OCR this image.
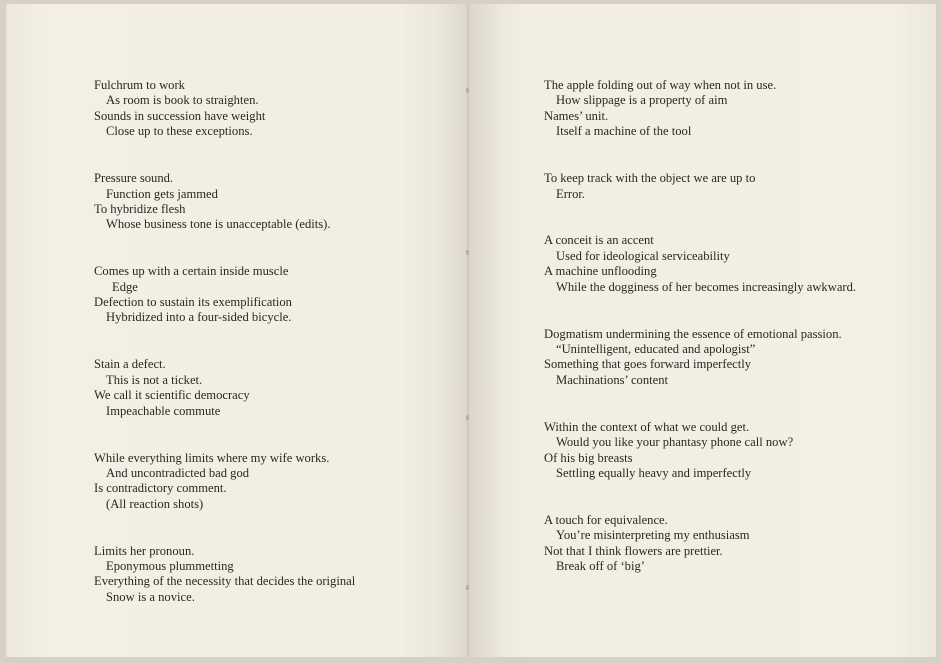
Fulchrum to work
As room is book to straighten.
Sounds in succession have weight
Close up to these exceptions.
Pressure sound.
Function gets jammed
To hybridize flesh
Whose business tone is unacceptable (edits).
Comes up with a certain inside muscle
Edge
Defection to sustain its exemplification
Hybridized into a four-sided bicycle.
Stain a defect.
This is not a ticket.
We call it scientific democracy
Impeachable commute
While everything limits where my wife works.
And uncontradicted bad god
Is contradictory comment.
(All reaction shots)
Limits her pronoun.
Eponymous plummetting
Everything of the necessity that decides the original
Snow is a novice.
The apple folding out of way when not in use.
How slippage is a property of aim
Names’ unit.
Itself a machine of the tool
To keep track with the object we are up to
Error.
A conceit is an accent
Used for ideological serviceability
A machine unflooding
While the dogginess of her becomes increasingly awkward.
Dogmatism undermining the essence of emotional passion.
“Unintelligent, educated and apologist”
Something that goes forward imperfectly
Machinations’ content
Within the context of what we could get.
Would you like your phantasy phone call now?
Of his big breasts
Settling equally heavy and imperfectly
A touch for equivalence.
You’re misinterpreting my enthusiasm
Not that I think flowers are prettier.
Break off of ‘big’
